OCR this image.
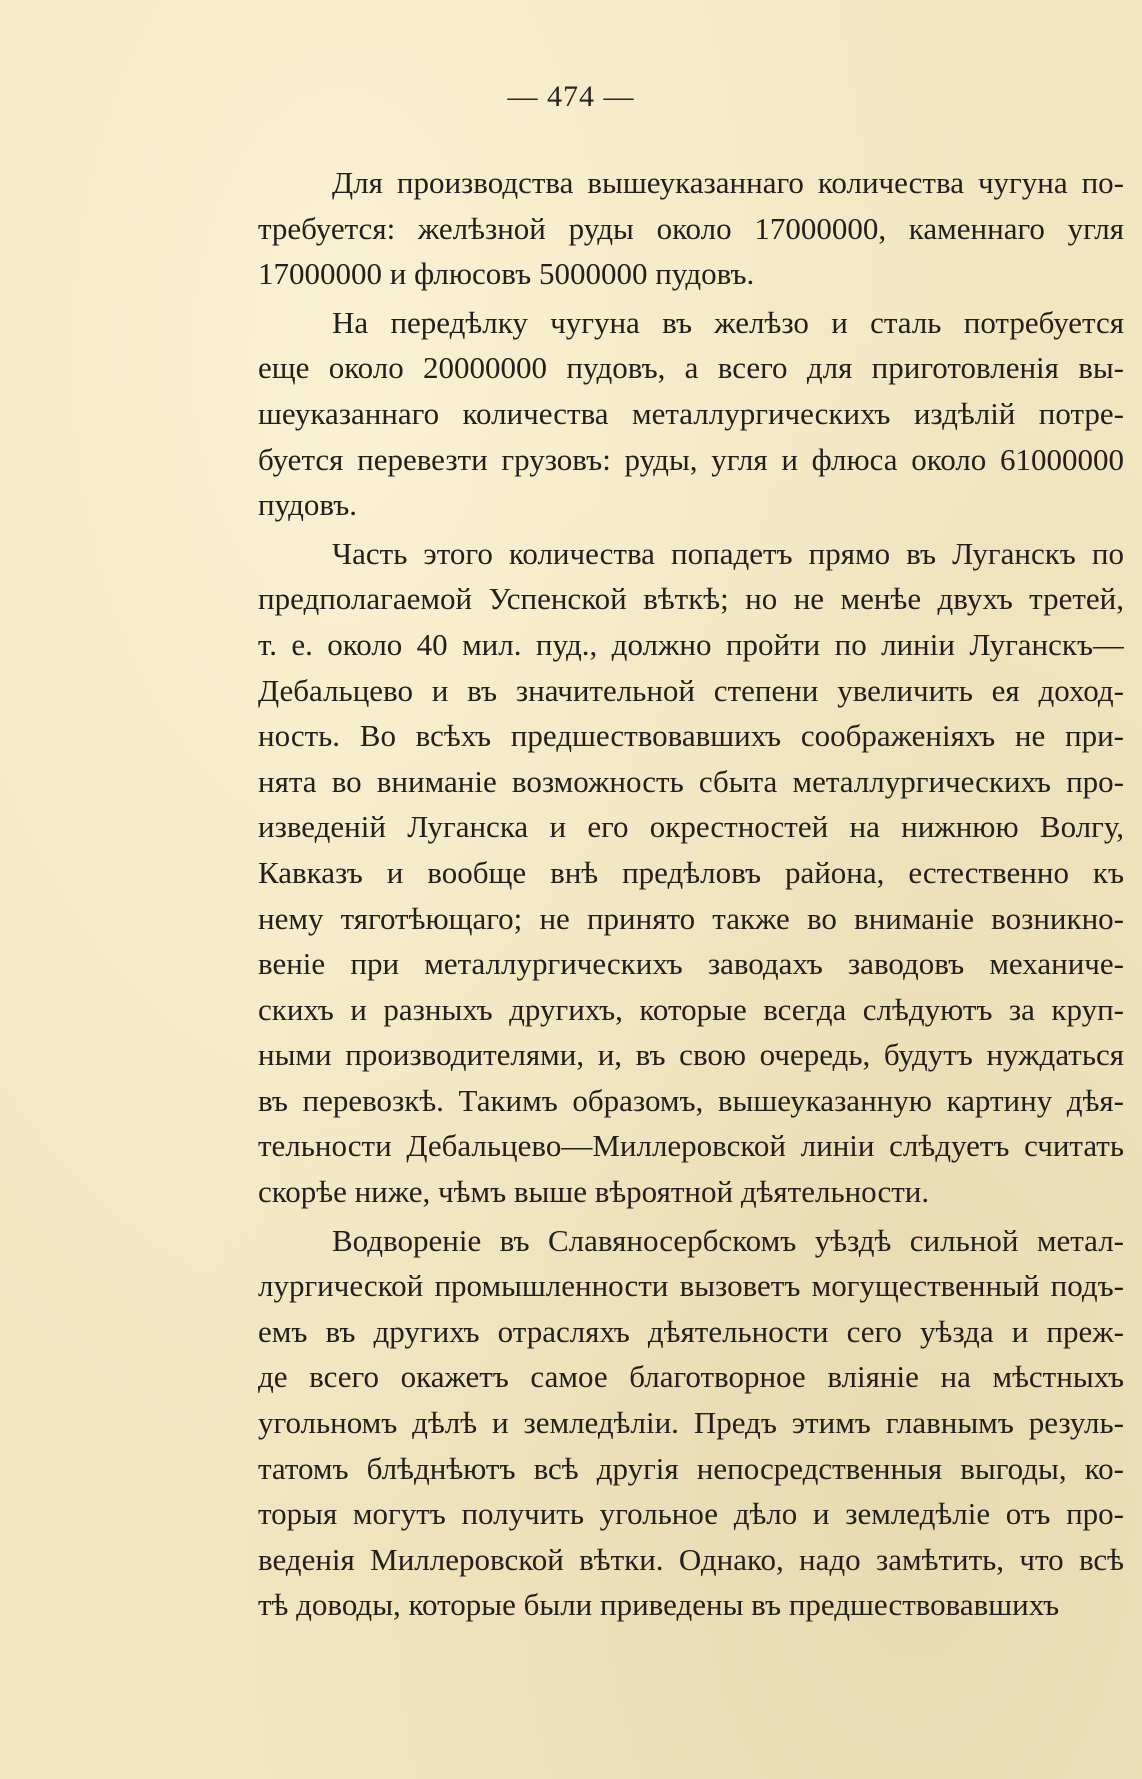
— 474 —
Для производства вышеуказаннаго количества чугуна по-
требуется: желѣзной руды около 17000000, каменнаго угля
17000000 и флюсовъ 5000000 пудовъ.
На передѣлку чугуна въ желѣзо и сталь потребуется
еще около 20000000 пудовъ, а всего для приготовленія вы-
шеуказаннаго количества металлургическихъ издѣлій потре-
буется перевезти грузовъ: руды, угля и флюса около 61000000
пудовъ.
Часть этого количества попадетъ прямо въ Луганскъ по
предполагаемой Успенской вѣткѣ; но не менѣе двухъ третей,
т. е. около 40 мил. пуд., должно пройти по линіи Луганскъ—
Дебальцево и въ значительной степени увеличить ея доход-
ность. Во всѣхъ предшествовавшихъ соображеніяхъ не при-
нята во вниманіе возможность сбыта металлургическихъ про-
изведеній Луганска и его окрестностей на нижнюю Волгу,
Кавказъ и вообще внѣ предѣловъ района, естественно къ
нему тяготѣющаго; не принято также во вниманіе возникно-
веніе при металлургическихъ заводахъ заводовъ механиче-
скихъ и разныхъ другихъ, которые всегда слѣдуютъ за круп-
ными производителями, и, въ свою очередь, будутъ нуждаться
въ перевозкѣ. Такимъ образомъ, вышеуказанную картину дѣя-
тельности Дебальцево—Миллеровской линіи слѣдуетъ считать
скорѣе ниже, чѣмъ выше вѣроятной дѣятельности.
Водвореніе въ Славяносербскомъ уѣздѣ сильной метал-
лургической промышленности вызоветъ могущественный подъ-
емъ въ другихъ отрасляхъ дѣятельности сего уѣзда и преж-
де всего окажетъ самое благотворное вліяніе на мѣстныхъ
угольномъ дѣлѣ и земледѣліи. Предъ этимъ главнымъ резуль-
татомъ блѣднѣютъ всѣ другія непосредственныя выгоды, ко-
торыя могутъ получить угольное дѣло и земледѣліе отъ про-
веденія Миллеровской вѣтки. Однако, надо замѣтить, что всѣ
тѣ доводы, которые были приведены въ предшествовавшихъ
